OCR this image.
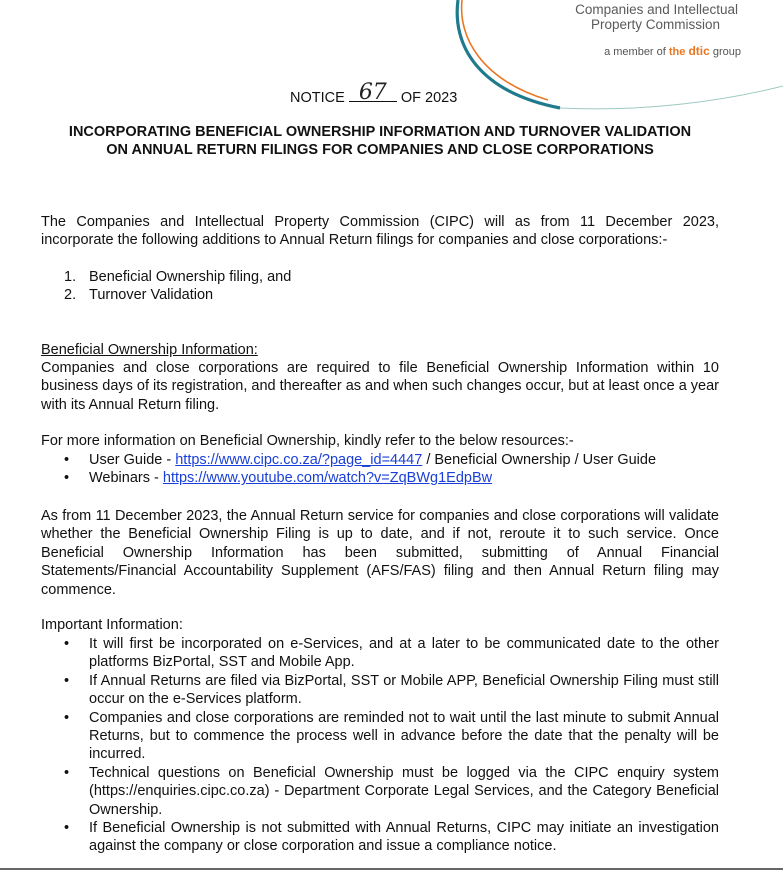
Companies and Intellectual
Property Commission
a member of the dtic group
NOTICE 67 OF 2023
INCORPORATING BENEFICIAL OWNERSHIP INFORMATION AND TURNOVER VALIDATION ON ANNUAL RETURN FILINGS FOR COMPANIES AND CLOSE CORPORATIONS
The Companies and Intellectual Property Commission (CIPC) will as from 11 December 2023, incorporate the following additions to Annual Return filings for companies and close corporations:-
1. Beneficial Ownership filing, and
2. Turnover Validation
Beneficial Ownership Information:
Companies and close corporations are required to file Beneficial Ownership Information within 10 business days of its registration, and thereafter as and when such changes occur, but at least once a year with its Annual Return filing.
For more information on Beneficial Ownership, kindly refer to the below resources:-
• User Guide - https://www.cipc.co.za/?page_id=4447 / Beneficial Ownership / User Guide
• Webinars - https://www.youtube.com/watch?v=ZqBWg1EdpBw
As from 11 December 2023, the Annual Return service for companies and close corporations will validate whether the Beneficial Ownership Filing is up to date, and if not, reroute it to such service. Once Beneficial Ownership Information has been submitted, submitting of Annual Financial Statements/Financial Accountability Supplement (AFS/FAS) filing and then Annual Return filing may commence.
Important Information:
• It will first be incorporated on e-Services, and at a later to be communicated date to the other platforms BizPortal, SST and Mobile App.
• If Annual Returns are filed via BizPortal, SST or Mobile APP, Beneficial Ownership Filing must still occur on the e-Services platform.
• Companies and close corporations are reminded not to wait until the last minute to submit Annual Returns, but to commence the process well in advance before the date that the penalty will be incurred.
• Technical questions on Beneficial Ownership must be logged via the CIPC enquiry system (https://enquiries.cipc.co.za) - Department Corporate Legal Services, and the Category Beneficial Ownership.
• If Beneficial Ownership is not submitted with Annual Returns, CIPC may initiate an investigation against the company or close corporation and issue a compliance notice.
